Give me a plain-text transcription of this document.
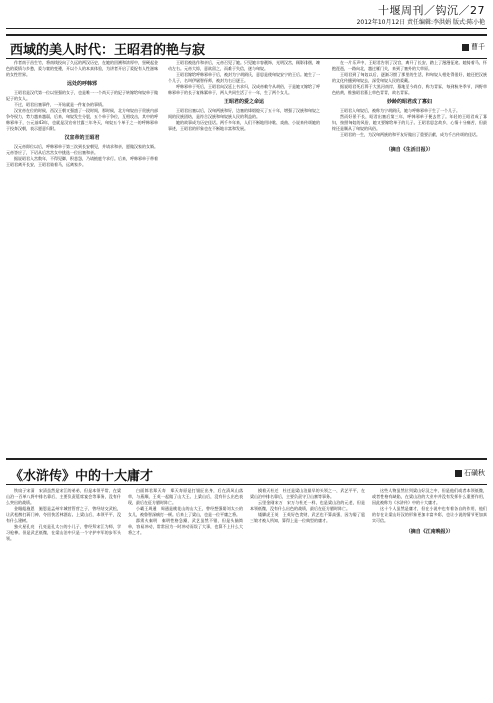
十堰周刊／钩沉／27
2012年10月12日 责任编辑:李洪娟 版式:陈小艳
西域的美人时代：王昭君的艳与寂	曹千

作者南于昌生竹，将南线投向了久远的两汉历史，在她的回溯和浓厚中，坚硬起金色的爱情与乡愁，爱与寞的变遷，开以个人的本真体验，为讲者开启了爱捉有人性滋味的女性世界。

远处的呼韩邪

王昭君是汉代第一位以坚强的女子，也是唯一一个尚天子的妃子转嫁给匈奴单于做妃子的女人。

不过，昭君出塞事件，一开始就是一件复杂的事情。

汉宣帝在位的时候，西汉王朝又强盛了一段时间，那时候，北方匈奴由于贵族内部争夺权力，势力越来越弱，后来，匈奴发生分裂，五个单于争位，互相攻击，其中的呼韩邪单于，公元前43年，也就是汉宣帝甘露三年冬天，匈奴五个单于之一的呼韩邪单于投奔汉朝，表示愿意归附。

汉宣帝的王昭君

汉元帝即位以后，呼韩邪单于第三次到长安朝见，并请求和亲，愿做汉家的女婿。元帝答应了，下诏从后宫宫女中挑选一位出塞和亲。

据说昭君入宫数年，不得见御，积悲怨，乃请掖庭令求行。后来，呼韩邪单于带着王昭君离开长安，王昭君骑着马，远离家乡。

王昭君被选作和亲后，元帝召见了她。只见她丰容靓饰，光明汉宫，顾影徘徊，竦动左右。元帝大惊，意欲留之，而难于失信，遂与匈奴。

王昭君嫁给呼韩邪单于后，被封为宁胡阏氏，意思是使匈奴安宁的王后。她生了一个儿子，名叫伊屠智伢师，被封为右日逐王。

呼韩邪单于死后，王昭君向汉廷上书求归，汉成帝敕令从胡俗，于是她又嫁给了呼韩邪单于的长子复株累单于，两人共同生活了十一年，生了两个女儿。

王昭君的爱之命运

王昭君出塞以后，汉匈两族和好，边塞的烽烟熄灭了五十年，增强了汉族和匈奴之间的民族团结，是符合汉族和匈奴族人民的利益的。

她的故事成为历史佳话。两千多年来，人们不断地用诗歌、戏曲、小说来传颂她的事迹，王昭君的形象也在不断地丰富和发展。

在一片乐声中，王昭君告别了汉宫，离开了长安，踏上了漫漫征途。她骑着马，怀抱琵琶，一路向北，越过雁门关，来到了塞外的大草原。

王昭君到了匈奴以后，逐渐习惯了那里的生活，和匈奴人相处得很好，她还把汉族的文化传播到匈奴去，深受匈奴人民的爱戴。

据说昭君死后葬于大黑河南岸，墓地至今尚存，称为青冢，每到秋冬季节，四野草色枯黄，惟独昭君墓上草色青青，故名青冢。

妙龄的昭君成了寡妇

王昭君入匈奴后，被称为宁胡阏氏，她与呼韩邪单于生了一个儿子。

然而好景不长，昭君出塞后第三年，呼韩邪单于便去世了。年轻的王昭君成了寡妇，按照匈奴的风俗，她又要嫁给单于的儿子。王昭君思念故乡，心情十分痛苦，但最终还是顺从了匈奴的风俗。

王昭君的一生，为汉匈两族的和平友好做出了重要贡献，成为千古传颂的佳话。

（摘自《生活日报》）
《水浒传》中的十大庸才	石磺秋

铁扇子宋清　宋清虽然是宋江的弟弟，但是本领平常，在梁山泊一百单八将中排名靠后，主要负责筵席宴会等事务，没有什么突出的战绩。

金眼彪施恩　施恩是孟州牢城营管营之子，曾经结交武松，让武松醉打蒋门神，夺回快活林酒店。上梁山后，本领平平，没有什么建树。

独火星孔亮　孔亮是孔太公的小儿子，曾经拜宋江为师，学习枪棒。但是武艺低微，在梁山泊中只是一个守护中军的步军头领。

白面郎君郑天寿　郑天寿原是打银匠出身，后在清风山落草，与燕顺、王英一起做了山大王。上梁山后，没有什么出色表现，最后在征方腊时阵亡。

小霸王周通　周通是桃花山的山大王，曾经想强娶刘太公的女儿，被鲁智深痛打一顿。后来上了梁山，也是一位平庸之将。

霹雳火秦明　秦明性格急躁，武艺虽然不错，但是头脑简单，容易冲动，常常因为一时冲动而误了大事，也算不上什么大将之才。

摸着天杜迁　杜迁是梁山泊最早的头领之一，武艺平平，在梁山泊中排名靠后，主要负责守卫山寨等事务。

云里金刚宋万　宋万与杜迁一样，也是梁山泊的元老，但是本领低微，没有什么出色的战绩，最后在征方腊时阵亡。

矮脚虎王英　王英好色贪财，武艺也不算高强，因为娶了扈三娘才被人所知，算得上是一位典型的庸才。

这些人物虽然位列梁山好汉之中，但是他们或者本领低微，或者性格有缺陷，在梁山泊的大业中并没有发挥什么重要作用，因此被称为《水浒传》中的十大庸才。

这十个人虽然是庸才，但在小说中也有着各自的作用，他们的存在让梁山好汉的形象更加丰富多彩，也让小说的情节更加真实可信。

（摘自《江南晚报》）
